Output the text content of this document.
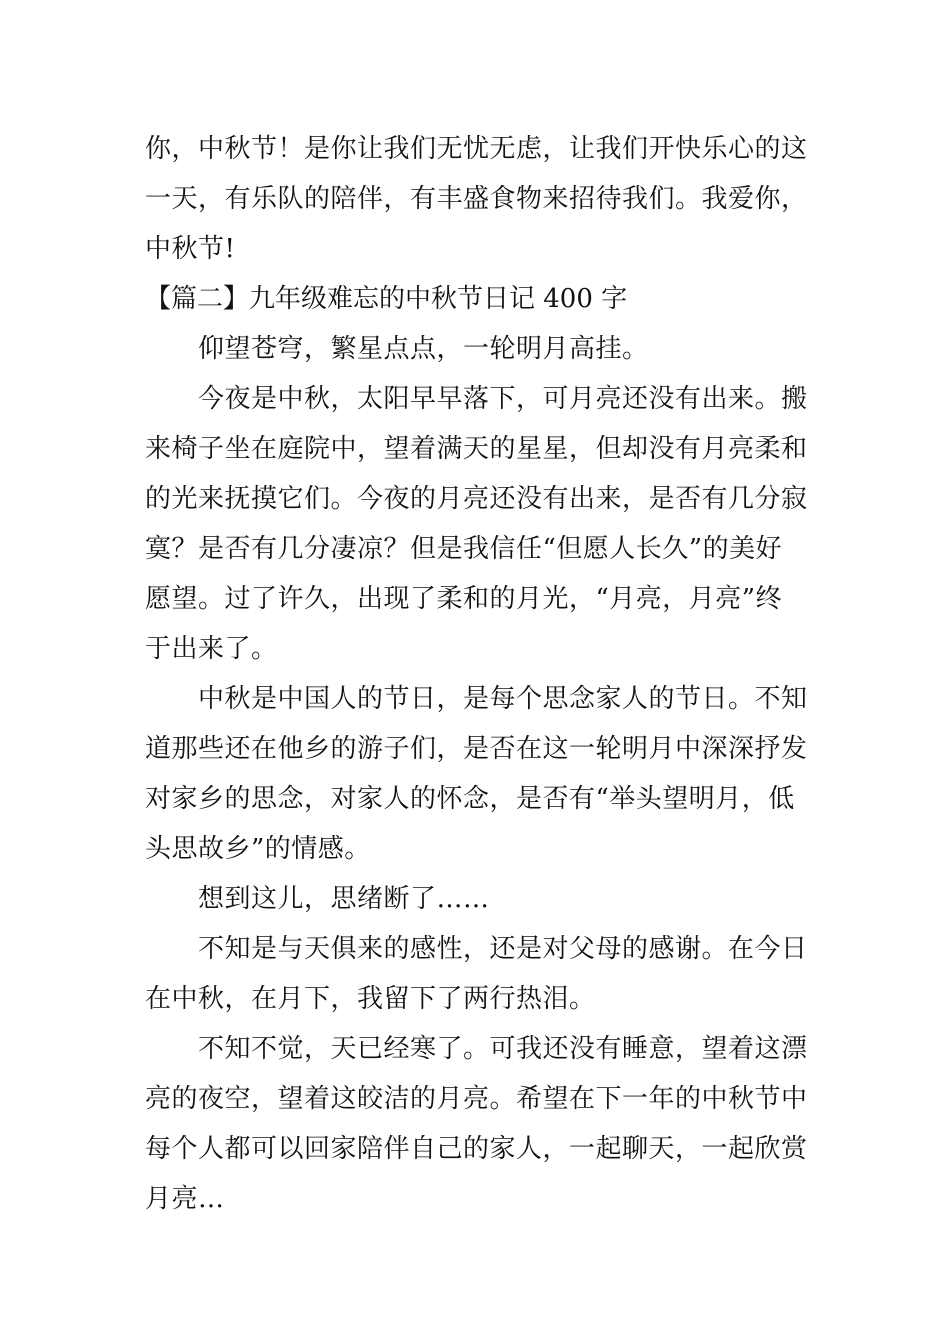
你，中秋节！是你让我们无忧无虑，让我们开快乐心的这
一天，有乐队的陪伴，有丰盛食物来招待我们。我爱你，
中秋节!
【篇二】九年级难忘的中秋节日记 400 字
仰望苍穹，繁星点点，一轮明月高挂。
今夜是中秋，太阳早早落下，可月亮还没有出来。搬
来椅子坐在庭院中，望着满天的星星，但却没有月亮柔和
的光来抚摸它们。今夜的月亮还没有出来，是否有几分寂
寞？是否有几分凄凉？但是我信任“但愿人长久”的美好
愿望。过了许久，出现了柔和的月光，“月亮，月亮”终
于出来了。
中秋是中国人的节日，是每个思念家人的节日。不知
道那些还在他乡的游子们，是否在这一轮明月中深深抒发
对家乡的思念，对家人的怀念，是否有“举头望明月，低
头思故乡”的情感。
想到这儿，思绪断了……
不知是与天俱来的感性，还是对父母的感谢。在今日
在中秋，在月下，我留下了两行热泪。
不知不觉，天已经寒了。可我还没有睡意，望着这漂
亮的夜空，望着这皎洁的月亮。希望在下一年的中秋节中
每个人都可以回家陪伴自己的家人，一起聊天，一起欣赏
月亮…
